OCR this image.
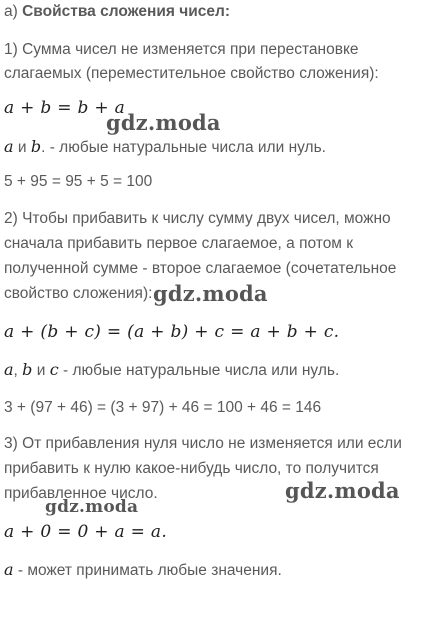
а) Свойства сложения чисел:
1) Сумма чисел не изменяется при перестановке
слагаемых (переместительное свойство сложения):
a + b = b + a
a и b. - любые натуральные числа или нуль.
5 + 95 = 95 + 5 = 100
2) Чтобы прибавить к числу сумму двух чисел, можно
сначала прибавить первое слагаемое, а потом к
полученной сумме - второе слагаемое (сочетательное
свойство сложения):
a + (b + c) = (a + b) + c = a + b + c.
a, b и c - любые натуральные числа или нуль.
3 + (97 + 46) = (3 + 97) + 46 = 100 + 46 = 146
3) От прибавления нуля число не изменяется или если
прибавить к нулю какое-нибудь число, то получится
прибавленное число.
a + 0 = 0 + a = a.
a - может принимать любые значения.
gdz.moda
gdz.moda
gdz.moda
gdz.moda
